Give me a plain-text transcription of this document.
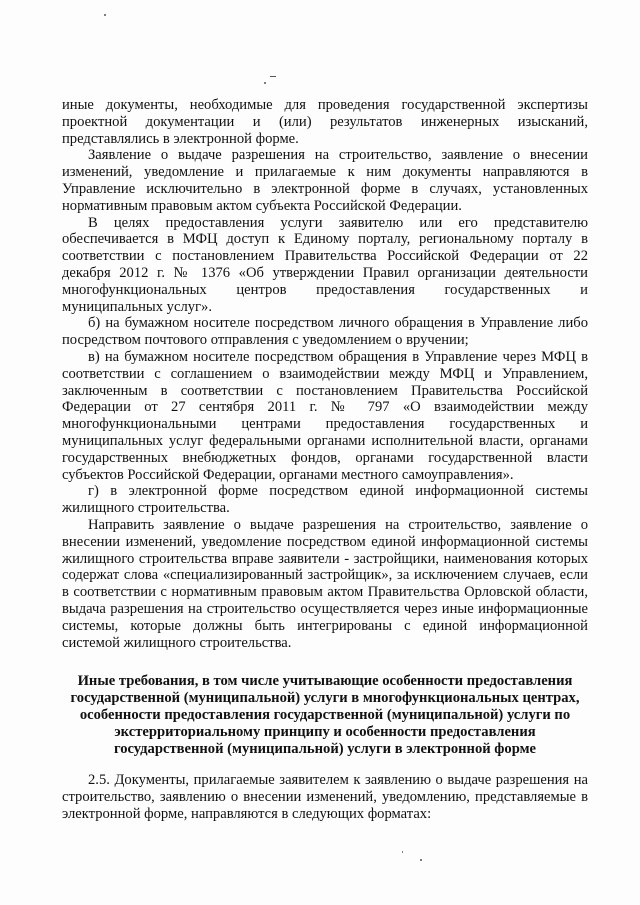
иные документы, необходимые для проведения государственной экспертизы проектной документации и (или) результатов инженерных изысканий, представлялись в электронной форме.

Заявление о выдаче разрешения на строительство, заявление о внесении изменений, уведомление и прилагаемые к ним документы направляются в Управление исключительно в электронной форме в случаях, установленных нормативным правовым актом субъекта Российской Федерации.

В целях предоставления услуги заявителю или его представителю обеспечивается в МФЦ доступ к Единому порталу, региональному порталу в соответствии с постановлением Правительства Российской Федерации от 22 декабря 2012 г. № 1376 «Об утверждении Правил организации деятельности многофункциональных центров предоставления государственных и муниципальных услуг».

б) на бумажном носителе посредством личного обращения в Управление либо посредством почтового отправления с уведомлением о вручении;

в) на бумажном носителе посредством обращения в Управление через МФЦ в соответствии с соглашением о взаимодействии между МФЦ и Управлением, заключенным в соответствии с постановлением Правительства Российской Федерации от 27 сентября 2011 г. № 797 «О взаимодействии между многофункциональными центрами предоставления государственных и муниципальных услуг федеральными органами исполнительной власти, органами государственных внебюджетных фондов, органами государственной власти субъектов Российской Федерации, органами местного самоуправления».

г) в электронной форме посредством единой информационной системы жилищного строительства.

Направить заявление о выдаче разрешения на строительство, заявление о внесении изменений, уведомление посредством единой информационной системы жилищного строительства вправе заявители - застройщики, наименования которых содержат слова «специализированный застройщик», за исключением случаев, если в соответствии с нормативным правовым актом Правительства Орловской области, выдача разрешения на строительство осуществляется через иные информационные системы, которые должны быть интегрированы с единой информационной системой жилищного строительства.

Иные требования, в том числе учитывающие особенности предоставления государственной (муниципальной) услуги в многофункциональных центрах, особенности предоставления государственной (муниципальной) услуги по экстерриториальному принципу и особенности предоставления государственной (муниципальной) услуги в электронной форме

2.5. Документы, прилагаемые заявителем к заявлению о выдаче разрешения на строительство, заявлению о внесении изменений, уведомлению, представляемые в электронной форме, направляются в следующих форматах:
